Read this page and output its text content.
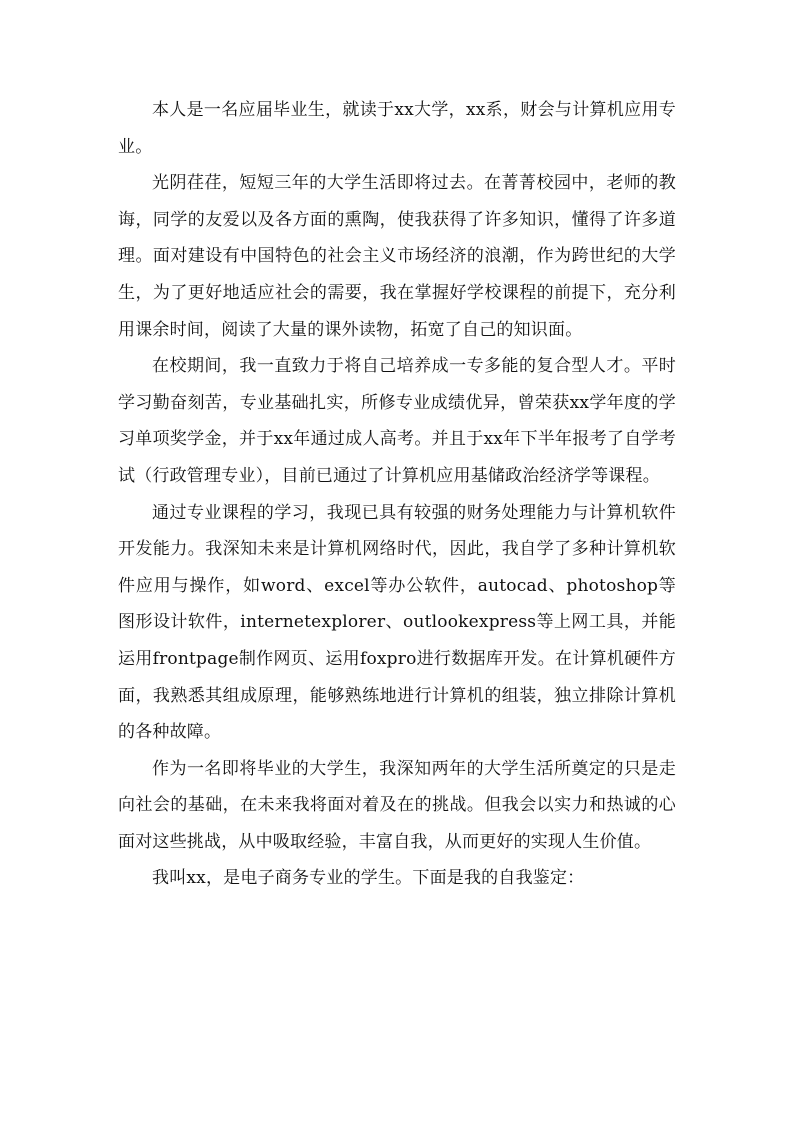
本人是一名应届毕业生，就读于xx大学，xx系，财会与计算机应用专业。

光阴荏荏，短短三年的大学生活即将过去。在菁菁校园中，老师的教诲，同学的友爱以及各方面的熏陶，使我获得了许多知识，懂得了许多道理。面对建设有中国特色的社会主义市场经济的浪潮，作为跨世纪的大学生，为了更好地适应社会的需要，我在掌握好学校课程的前提下，充分利用课余时间，阅读了大量的课外读物，拓宽了自己的知识面。

在校期间，我一直致力于将自己培养成一专多能的复合型人才。平时学习勤奋刻苦，专业基础扎实，所修专业成绩优异，曾荣获xx学年度的学习单项奖学金，并于xx年通过成人高考。并且于xx年下半年报考了自学考试（行政管理专业），目前已通过了计算机应用基储政治经济学等课程。

通过专业课程的学习，我现已具有较强的财务处理能力与计算机软件开发能力。我深知未来是计算机网络时代，因此，我自学了多种计算机软件应用与操作，如word、excel等办公软件，autocad、photoshop等图形设计软件，internetexplorer、outlookexpress等上网工具，并能运用frontpage制作网页、运用foxpro进行数据库开发。在计算机硬件方面，我熟悉其组成原理，能够熟练地进行计算机的组装，独立排除计算机的各种故障。

作为一名即将毕业的大学生，我深知两年的大学生活所奠定的只是走向社会的基础，在未来我将面对着及在的挑战。但我会以实力和热诚的心面对这些挑战，从中吸取经验，丰富自我，从而更好的实现人生价值。

我叫xx，是电子商务专业的学生。下面是我的自我鉴定：
